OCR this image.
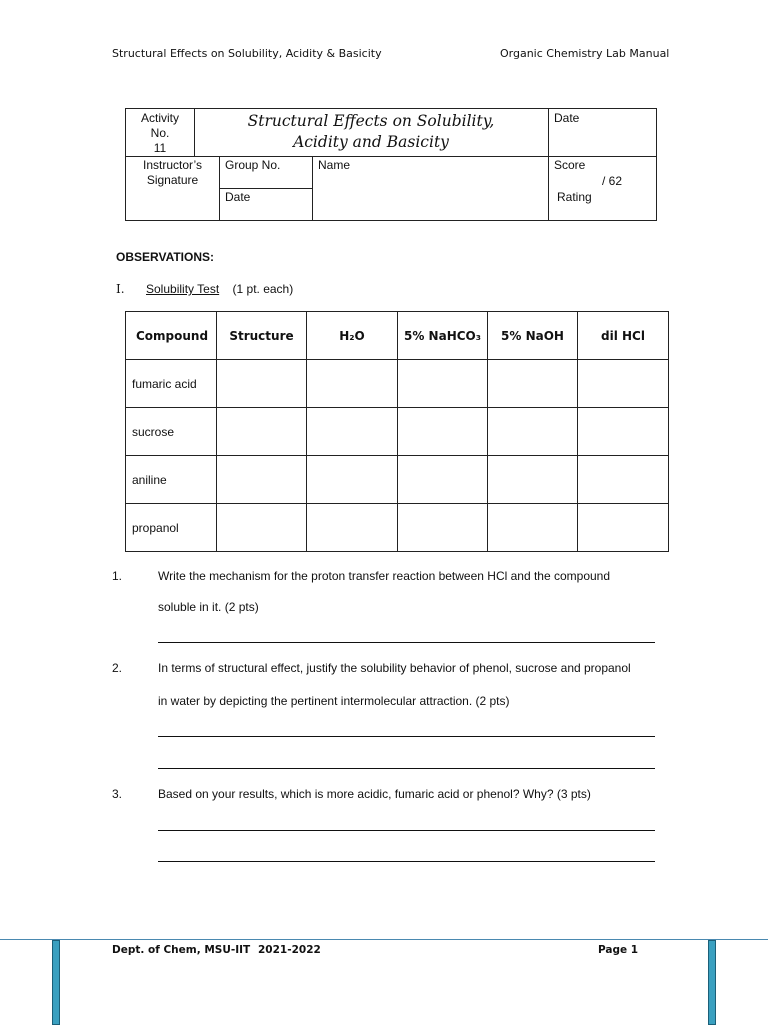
Structural Effects on Solubility, Acidity & Basicity	Organic Chemistry Lab Manual
Activity
No.
11
Structural Effects on Solubility,
Acidity and Basicity
Date
Instructor’s
Signature
Group No.
Date
Name	Score
/ 62
Rating
OBSERVATIONS:
I. Solubility Test (1 pt. each)
Compound	Structure	H₂O	5% NaHCO₃	5% NaOH	dil HCl
fumaric acid					
sucrose					
aniline					
propanol					
1.	Write the mechanism for the proton transfer reaction between HCl and the compound
soluble in it. (2 pts)
2.	In terms of structural effect, justify the solubility behavior of phenol, sucrose and propanol
in water by depicting the pertinent intermolecular attraction. (2 pts)
3.	Based on your results, which is more acidic, fumaric acid or phenol? Why? (3 pts)
Dept. of Chem, MSU-IIT 2021-2022	Page 1
